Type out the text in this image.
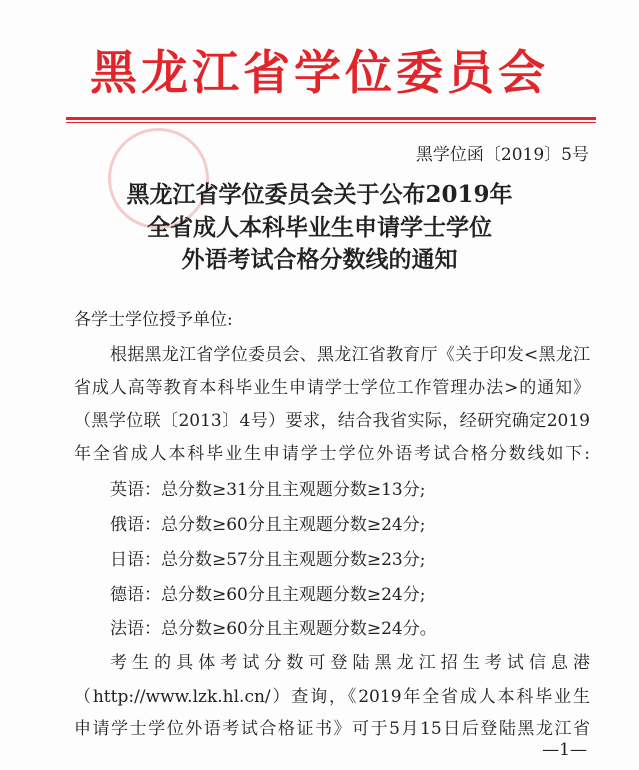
黑龙江省学位委员会
黑学位函〔2019〕5号
黑龙江省学位委员会关于公布2019年
全省成人本科毕业生申请学士学位
外语考试合格分数线的通知
各学士学位授予单位:
根据黑龙江省学位委员会、黑龙江省教育厅《关于印发<黑龙江
省成人高等教育本科毕业生申请学士学位工作管理办法>的通知》
（黑学位联〔2013〕4号）要求，结合我省实际，经研究确定2019
年全省成人本科毕业生申请学士学位外语考试合格分数线如下:
英语：总分数≥31分且主观题分数≥13分;
俄语：总分数≥60分且主观题分数≥24分;
日语：总分数≥57分且主观题分数≥23分;
德语：总分数≥60分且主观题分数≥24分;
法语：总分数≥60分且主观题分数≥24分。
考生的具体考试分数可登陆黑龙江招生考试信息港
（http://www.lzk.hl.cn/）查询，《2019年全省成人本科毕业生
申请学士学位外语考试合格证书》可于5月15日后登陆黑龙江省
—1—
